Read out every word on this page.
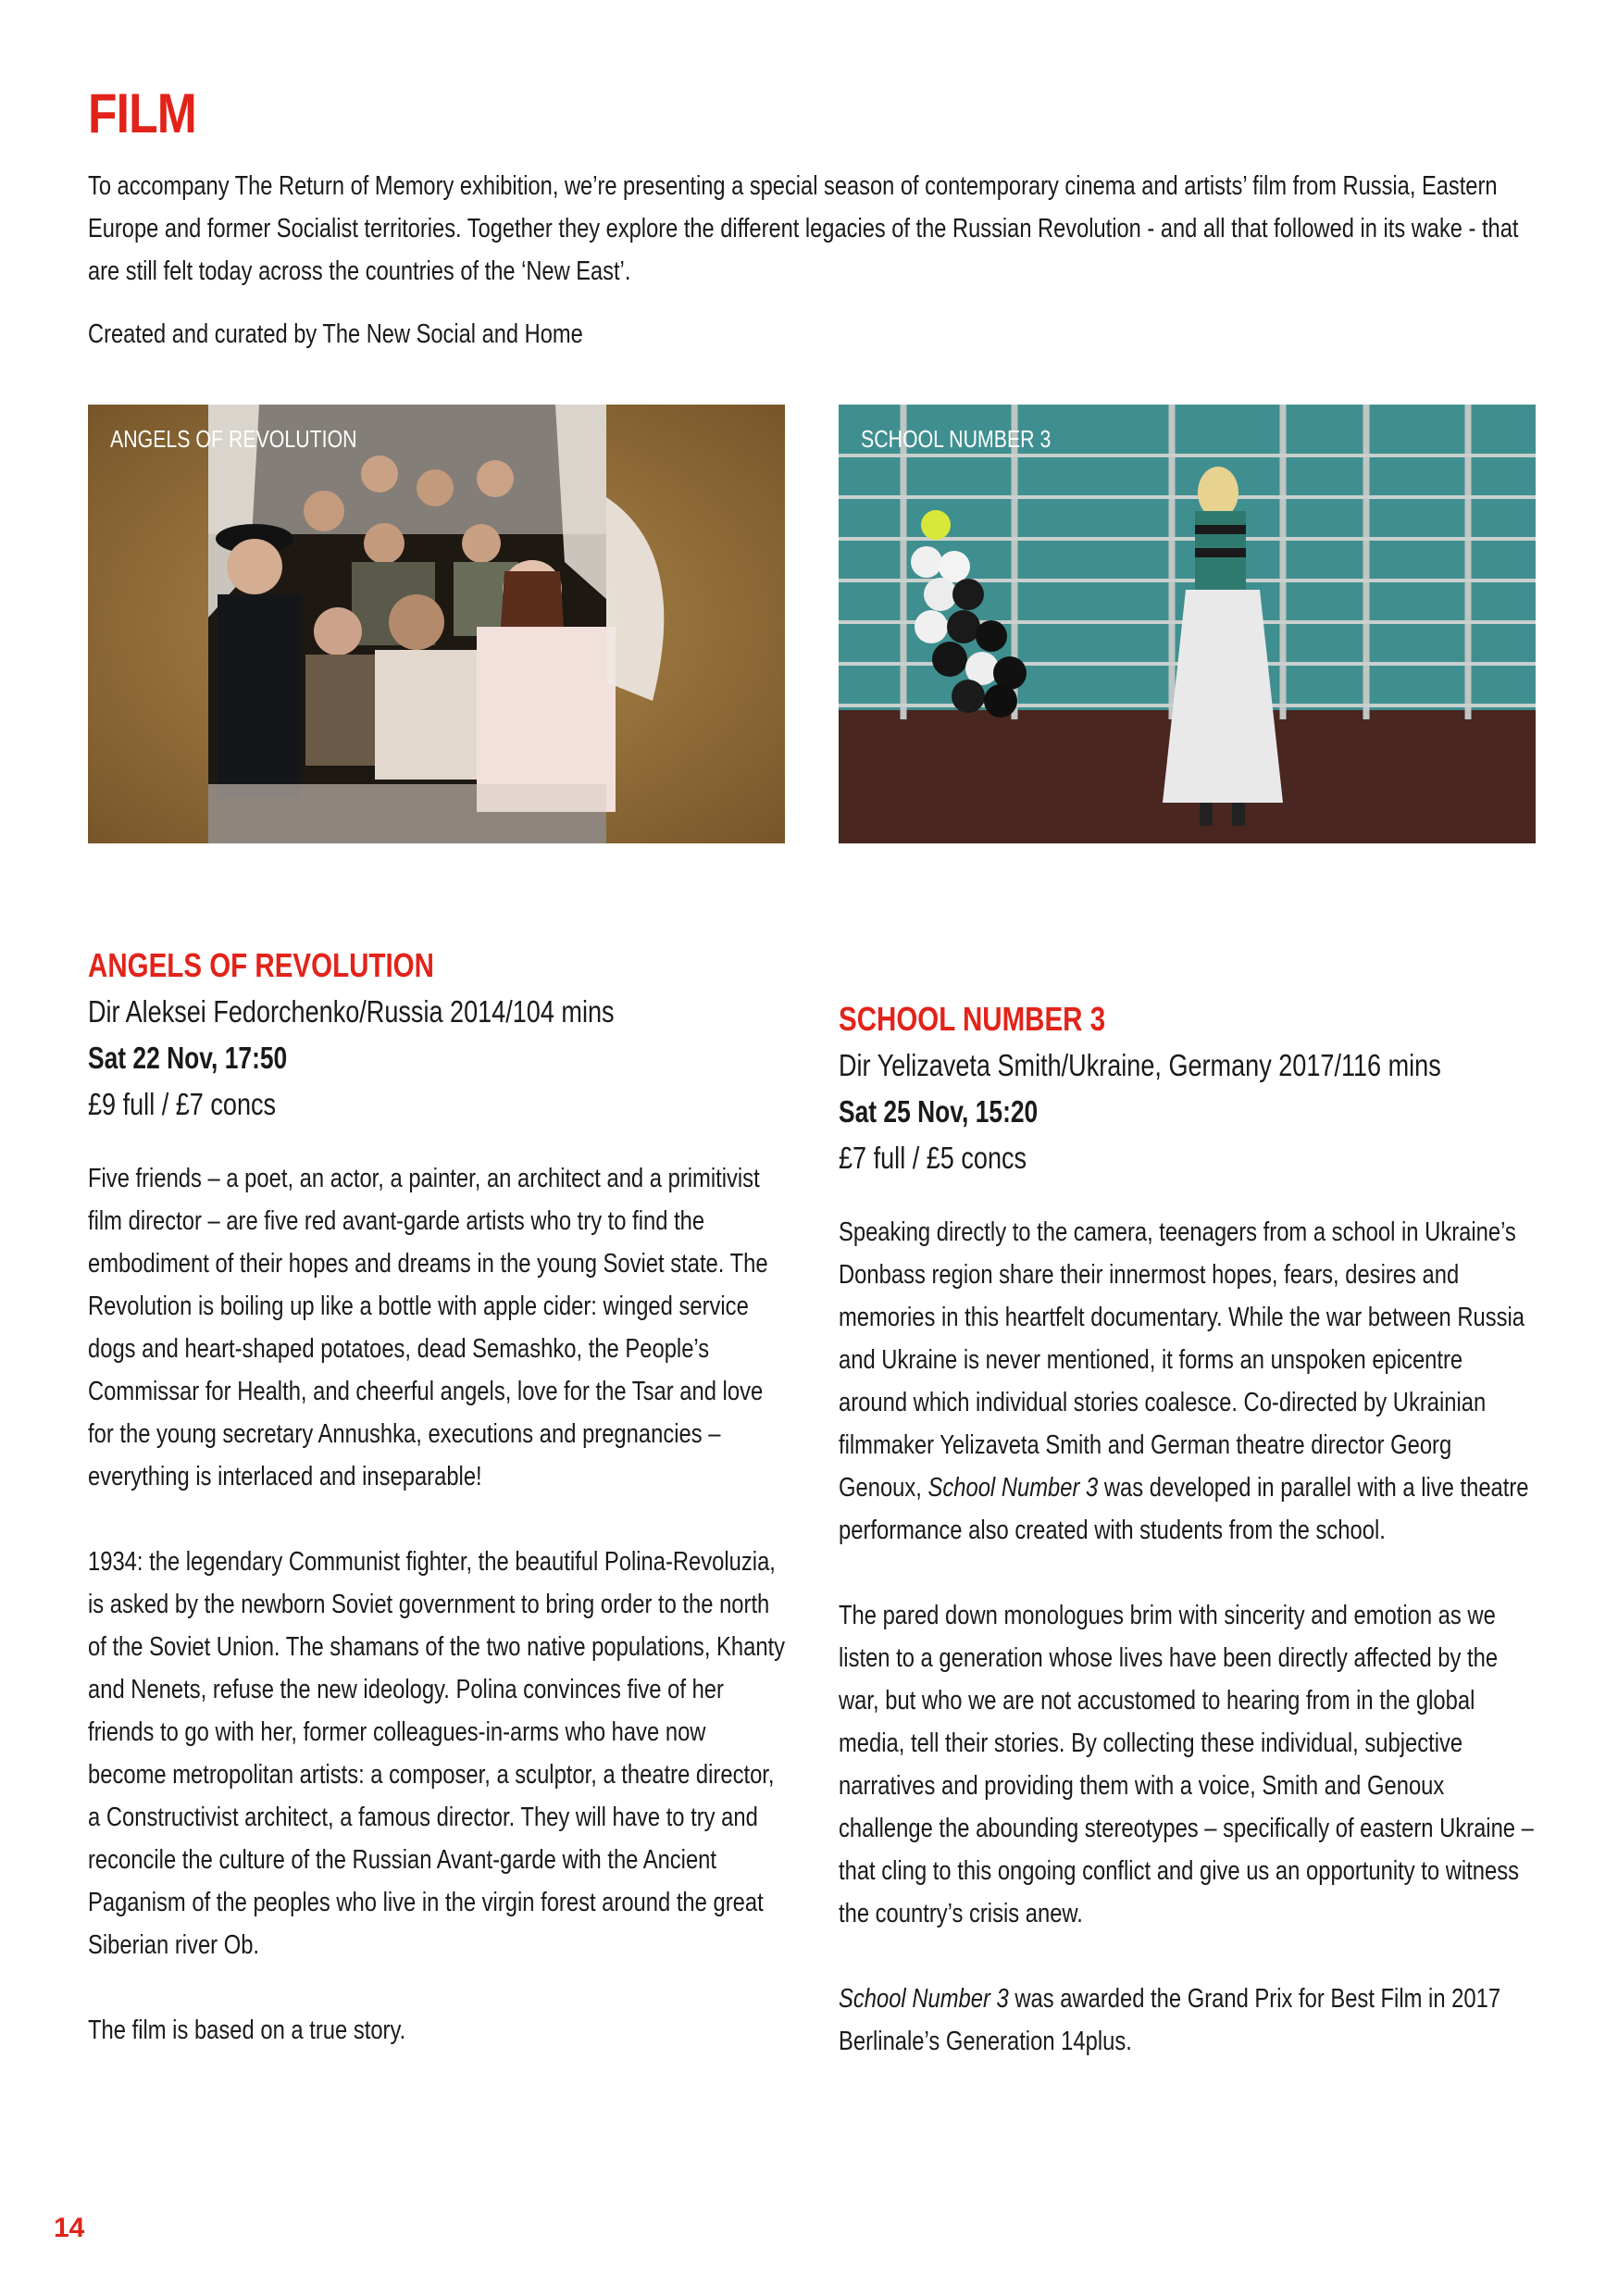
FILM

To accompany The Return of Memory exhibition, we’re presenting a special season of contemporary cinema and artists’ film from Russia, Eastern Europe and former Socialist territories. Together they explore the different legacies of the Russian Revolution - and all that followed in its wake - that are still felt today across the countries of the ‘New East’.

Created and curated by The New Social and Home

ANGELS OF REVOLUTION	SCHOOL NUMBER 3
ANGELS OF REVOLUTION

Dir Aleksei Fedorchenko/Russia 2014/104 mins

Sat 22 Nov, 17:50

£9 full / £7 concs

Five friends – a poet, an actor, a painter, an architect and a primitivist film director – are five red avant-garde artists who try to find the embodiment of their hopes and dreams in the young Soviet state. The Revolution is boiling up like a bottle with apple cider: winged service dogs and heart-shaped potatoes, dead Semashko, the People’s Commissar for Health, and cheerful angels, love for the Tsar and love for the young secretary Annushka, executions and pregnancies – everything is interlaced and inseparable!

1934: the legendary Communist fighter, the beautiful Polina-Revoluzia, is asked by the newborn Soviet government to bring order to the north of the Soviet Union. The shamans of the two native populations, Khanty and Nenets, refuse the new ideology. Polina convinces five of her friends to go with her, former colleagues-in-arms who have now become metropolitan artists: a composer, a sculptor, a theatre director, a Constructivist architect, a famous director. They will have to try and reconcile the culture of the Russian Avant-garde with the Ancient Paganism of the peoples who live in the virgin forest around the great Siberian river Ob.

The film is based on a true story.

SCHOOL NUMBER 3

Dir Yelizaveta Smith/Ukraine, Germany 2017/116 mins

Sat 25 Nov, 15:20

£7 full / £5 concs

Speaking directly to the camera, teenagers from a school in Ukraine’s Donbass region share their innermost hopes, fears, desires and memories in this heartfelt documentary. While the war between Russia and Ukraine is never mentioned, it forms an unspoken epicentre around which individual stories coalesce. Co-directed by Ukrainian filmmaker Yelizaveta Smith and German theatre director Georg Genoux, School Number 3 was developed in parallel with a live theatre performance also created with students from the school.

The pared down monologues brim with sincerity and emotion as we listen to a generation whose lives have been directly affected by the war, but who we are not accustomed to hearing from in the global media, tell their stories. By collecting these individual, subjective narratives and providing them with a voice, Smith and Genoux challenge the abounding stereotypes – specifically of eastern Ukraine – that cling to this ongoing conflict and give us an opportunity to witness the country’s crisis anew.

School Number 3 was awarded the Grand Prix for Best Film in 2017 Berlinale’s Generation 14plus.

14
